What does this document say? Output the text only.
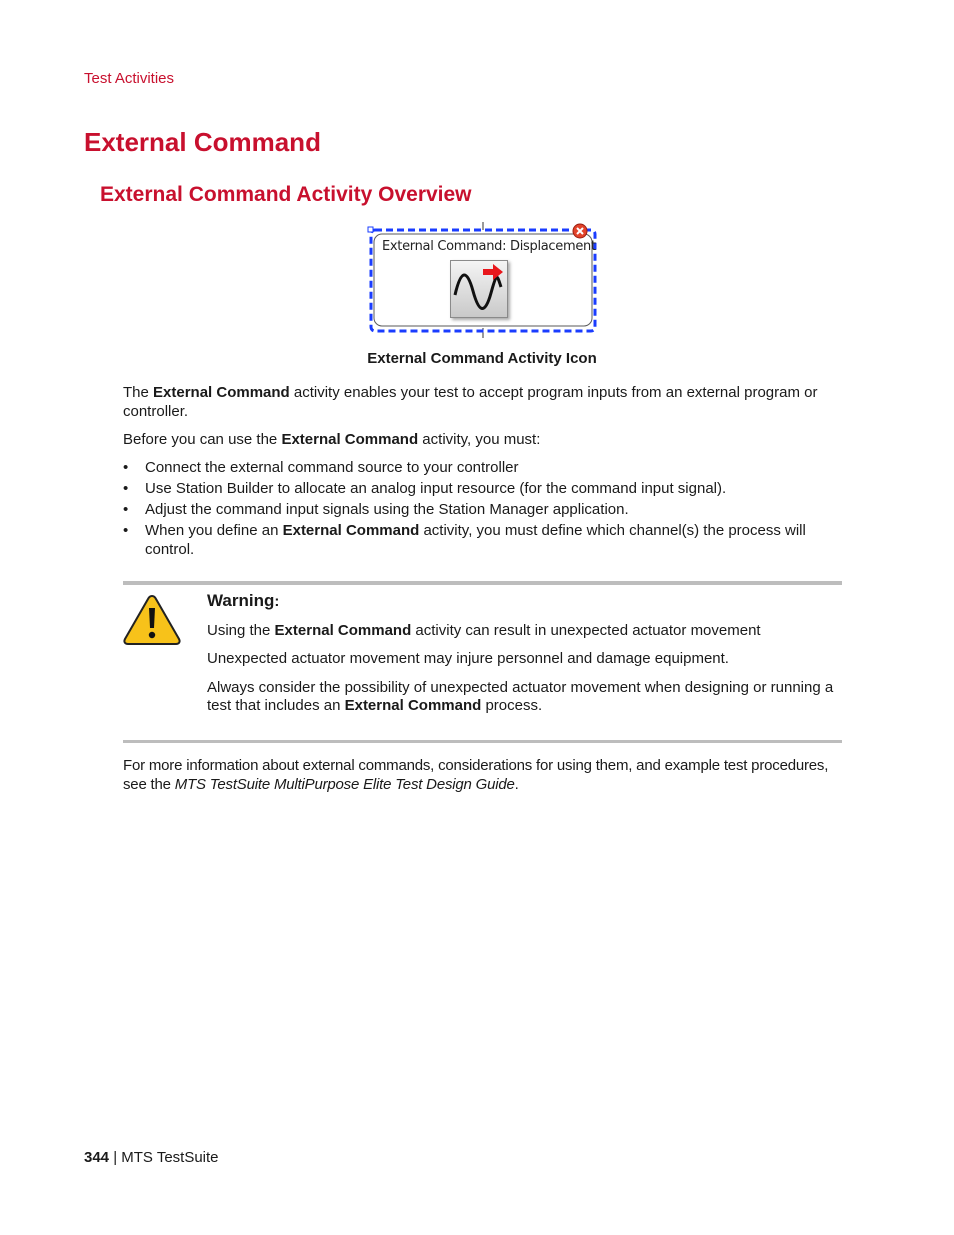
Test Activities
External Command
External Command Activity Overview
External Command: Displacement
External Command Activity Icon

The External Command activity enables your test to accept program inputs from an external program or controller.

Before you can use the External Command activity, you must:

• Connect the external command source to your controller
• Use Station Builder to allocate an analog input resource (for the command input signal).
• Adjust the command input signals using the Station Manager application.
• When you define an External Command activity, you must define which channel(s) the process will control.
Warning:

Using the External Command activity can result in unexpected actuator movement

Unexpected actuator movement may injure personnel and damage equipment.

Always consider the possibility of unexpected actuator movement when designing or running a test that includes an External Command process.

For more information about external commands, considerations for using them, and example test procedures, see the MTS TestSuite MultiPurpose Elite Test Design Guide.

344 | MTS TestSuite
